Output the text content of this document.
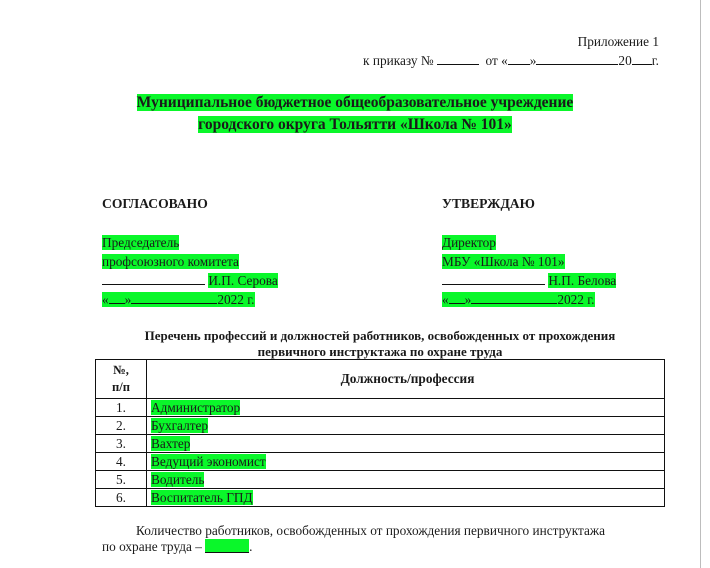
Приложение 1
к приказу №	от « »	20 г.
Муниципальное бюджетное общеобразовательное учреждение
городского округа Тольятти «Школа № 101»
СОГЛАСОВАНО
Председатель
профсоюзного комитета
И.П. Серова
« »	2022 г.
УТВЕРЖДАЮ
Директор
МБУ «Школа № 101»
Н.П. Белова
« »	2022 г.
Перечень профессий и должностей работников, освобожденных от прохождения
первичного инструктажа по охране труда
№,
п/п	Должность/профессия
1.	Администратор
2.	Бухгалтер
3.	Вахтер
4.	Ведущий экономист
5.	Водитель
6.	Воспитатель ГПД
Количество работников, освобожденных от прохождения первичного инструктажа
по охране труда –	.
